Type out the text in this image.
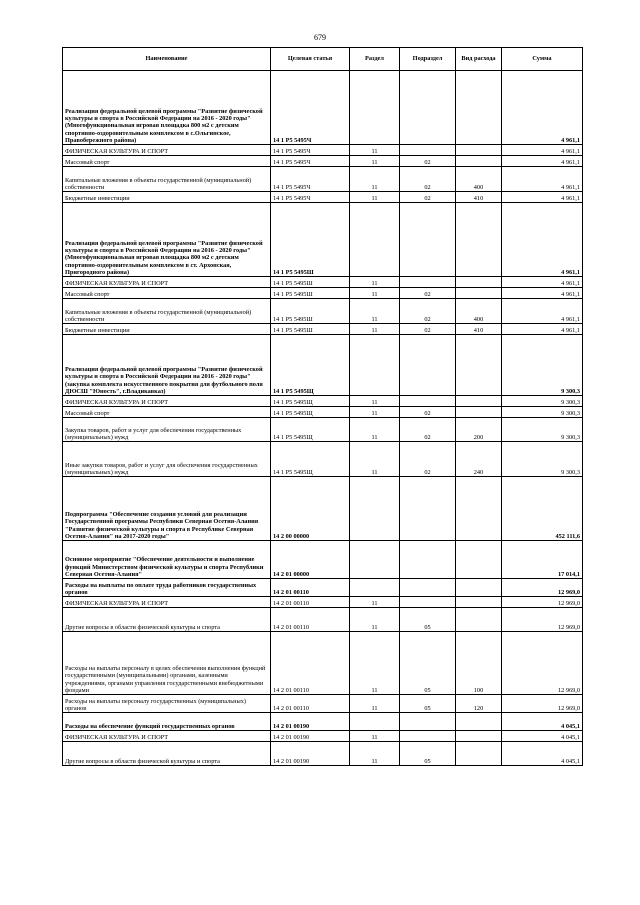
679
Наименование	Целевая статья	Раздел	Подраздел	Вид расхода	Сумма
Реализация федеральной целевой программы "Развитие физической культуры и спорта в Российской Федерации на 2016 - 2020 годы"(Многофункциональная игровая площадка 800 м2 с детским спортивно-оздоровительным комплексом в с.Ольгинское, Правобережного района)	14 1 P5 5495Ч				4 961,1
ФИЗИЧЕСКАЯ КУЛЬТУРА И СПОРТ	14 1 P5 5495Ч	11			4 961,1
Массовый спорт	14 1 P5 5495Ч	11	02		4 961,1
Капитальные вложения в объекты государственной (муниципальной) собственности	14 1 P5 5495Ч	11	02	400	4 961,1
Бюджетные инвестиции	14 1 P5 5495Ч	11	02	410	4 961,1
Реализация федеральной целевой программы "Развитие физической культуры и спорта в Российской Федерации на 2016 - 2020 годы"(Многофункциональная игровая площадка 800 м2 с детским спортивно-оздоровительным комплексом в ст. Архонская, Пригородного района)	14 1 P5 5495Ш				4 961,1
ФИЗИЧЕСКАЯ КУЛЬТУРА И СПОРТ	14 1 P5 5495Ш	11			4 961,1
Массовый спорт	14 1 P5 5495Ш	11	02		4 961,1
Капитальные вложения в объекты государственной (муниципальной) собственности	14 1 P5 5495Ш	11	02	400	4 961,1
Бюджетные инвестиции	14 1 P5 5495Ш	11	02	410	4 961,1
Реализация федеральной целевой программы "Развитие физической культуры и спорта в Российской Федерации на 2016 - 2020 годы"(закупка комплекта искусственного покрытия для футбольного поля ДЮСШ "Юность", г.Владикавказ)	14 1 P5 5495Щ				9 300,3
ФИЗИЧЕСКАЯ КУЛЬТУРА И СПОРТ	14 1 P5 5495Щ	11			9 300,3
Массовый спорт	14 1 P5 5495Щ	11	02		9 300,3
Закупка товаров, работ и услуг для обеспечения государственных (муниципальных) нужд	14 1 P5 5495Щ	11	02	200	9 300,3
Иные закупки товаров, работ и услуг для обеспечения государственных (муниципальных) нужд	14 1 P5 5495Щ	11	02	240	9 300,3
Подпрограмма "Обеспечение создания условий для реализации Государственной программы Республики Северная Осетия-Алания "Развитие физической культуры и спорта в Республике Северная Осетия-Алания" на 2017-2020 годы"	14 2 00 00000				452 111,6
Основное мероприятие "Обеспечение деятельности и выполнение функций Министерством физической культуры и спорта Республики Северная Осетия-Алания"	14 2 01 00000				17 014,1
Расходы на выплаты по оплате труда работников государственных органов	14 2 01 00110				12 969,0
ФИЗИЧЕСКАЯ КУЛЬТУРА И СПОРТ	14 2 01 00110	11			12 969,0
Другие вопросы в области физической культуры и спорта	14 2 01 00110	11	05		12 969,0
Расходы на выплаты персоналу в целях обеспечения выполнения функций государственными (муниципальными) органами, казенными учреждениями, органами управления государственными внебюджетными фондами	14 2 01 00110	11	05	100	12 969,0
Расходы на выплаты персоналу государственных (муниципальных) органов	14 2 01 00110	11	05	120	12 969,0
Расходы на обеспечение функций государственных органов	14 2 01 00190				4 045,1
ФИЗИЧЕСКАЯ КУЛЬТУРА И СПОРТ	14 2 01 00190	11			4 045,1
Другие вопросы в области физической культуры и спорта	14 2 01 00190	11	05		4 045,1
